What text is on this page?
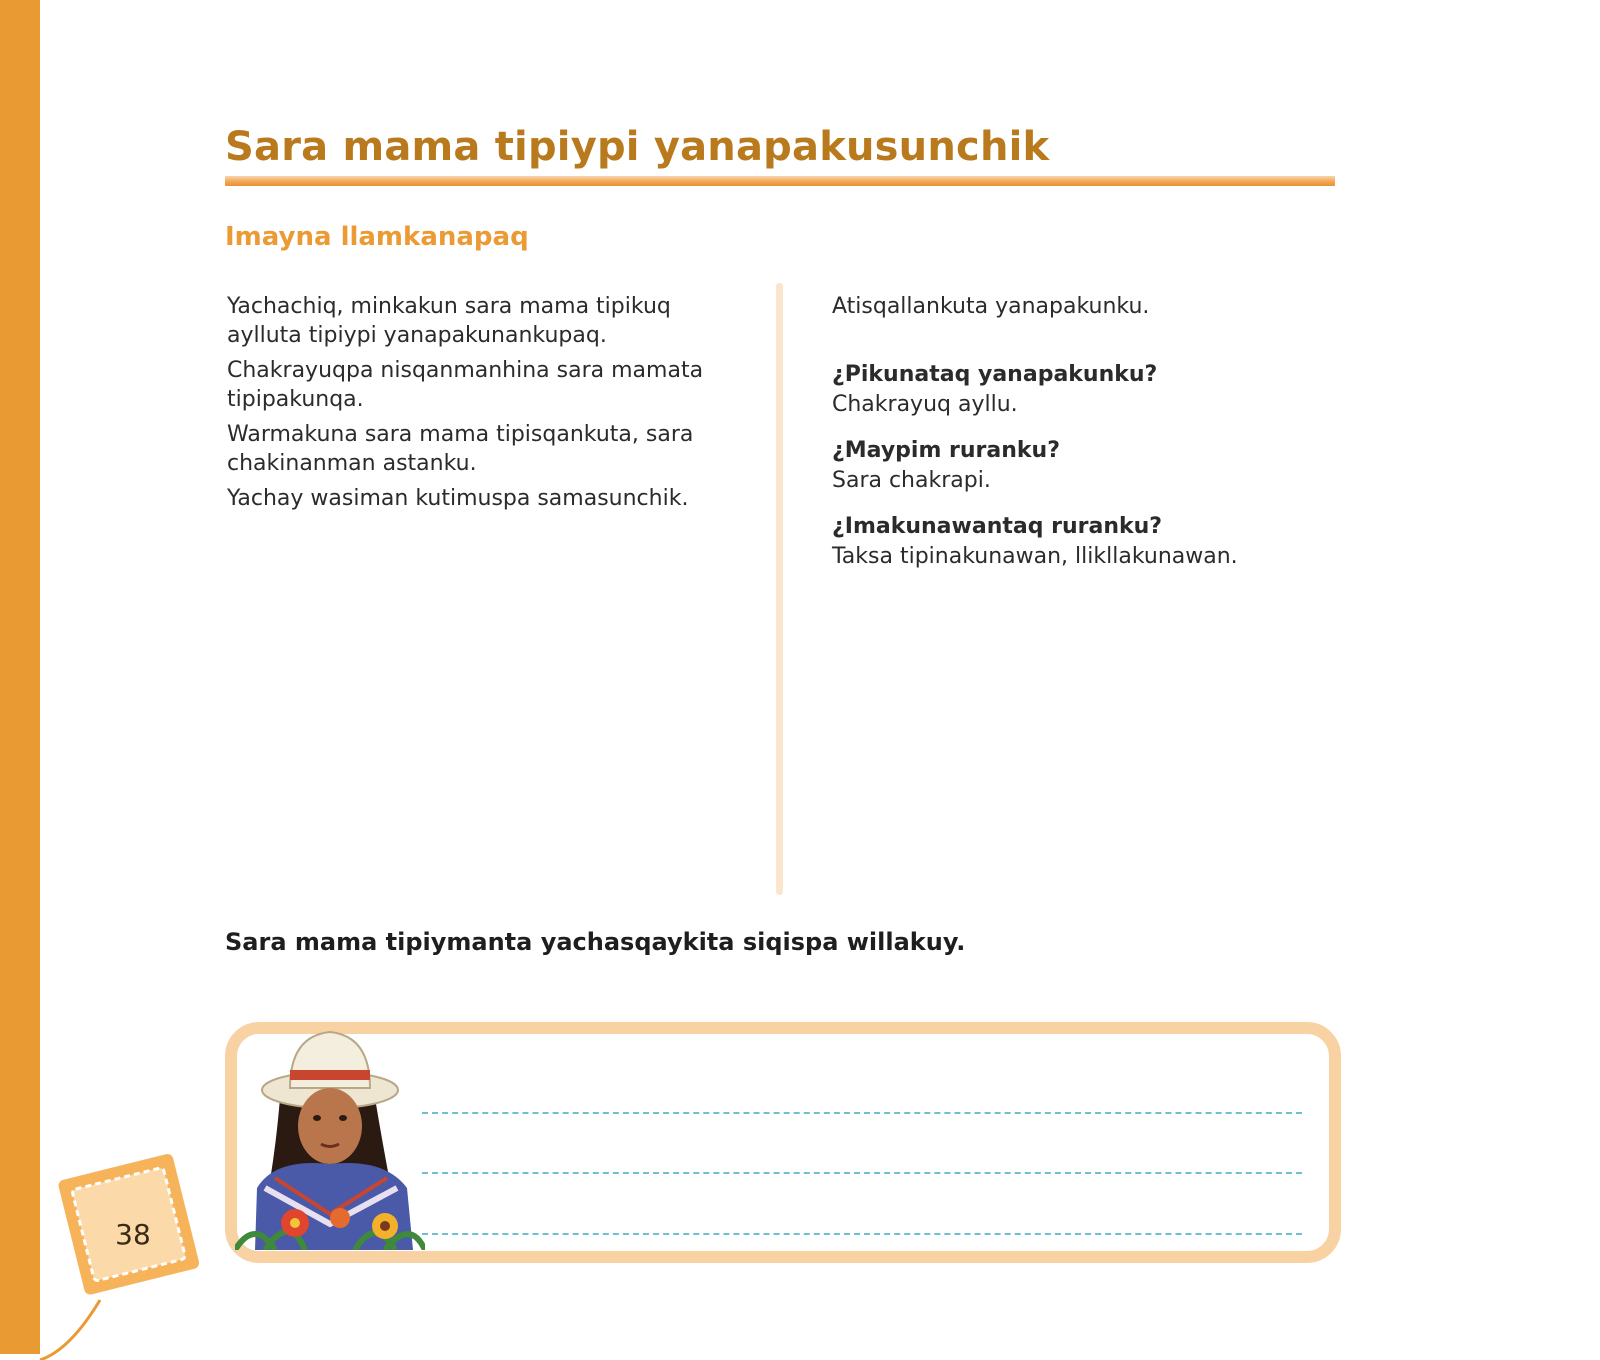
Sara mama tipiypi yanapakusunchik
Imayna llamkanapaq

Yachachiq, minkakun sara mama tipikuq aylluta tipiypi yanapakunankupaq.

Chakrayuqpa nisqanmanhina sara mamata tipipakunqa.

Warmakuna sara mama tipisqankuta, sara chakinanman astanku.

Yachay wasiman kutimuspa samasunchik.

Atisqallankuta yanapakunku.

¿Pikunataq yanapakunku?

Chakrayuq ayllu.

¿Maypim ruranku?

Sara chakrapi.

¿Imakunawantaq ruranku?

Taksa tipinakunawan, llikllakunawan.

Sara mama tipiymanta yachasqaykita siqispa willakuy.

38
